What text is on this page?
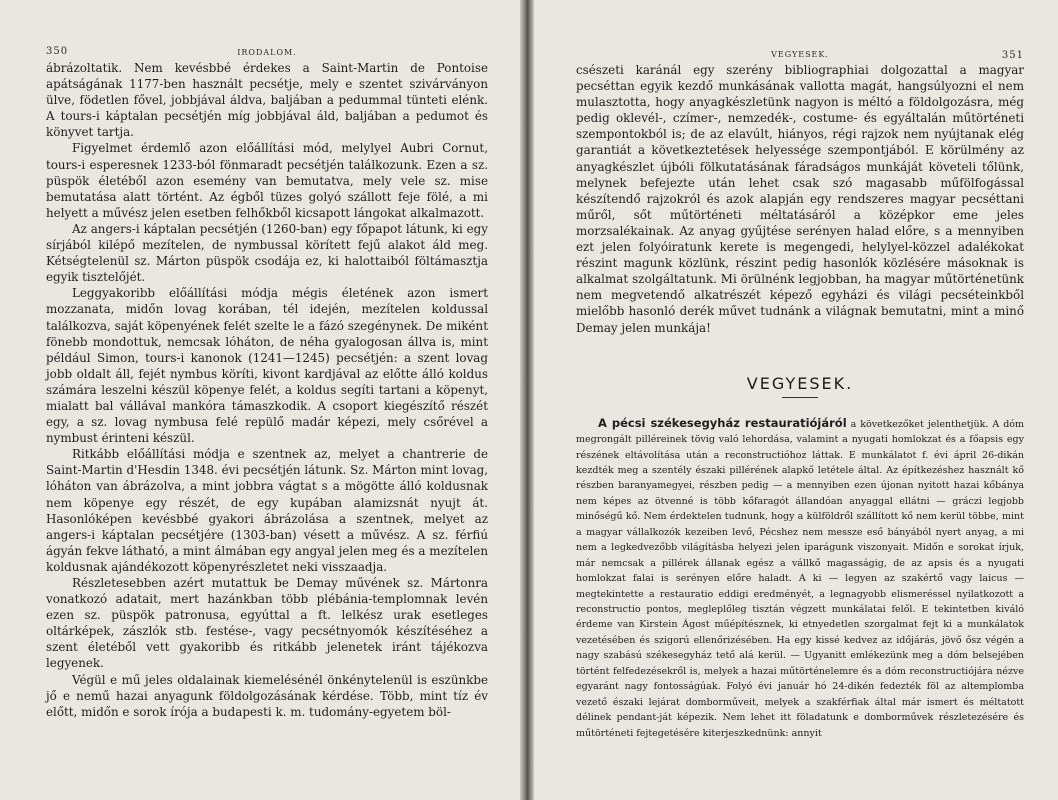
350	IRODALOM.

ábrázoltatik. Nem kevésbbé érdekes a Saint-Martin de Pontoise apátságának 1177-ben használt pecsétje, mely e szentet szivárványon ülve, födetlen fővel, jobbjával áldva, baljában a pedummal tünteti elénk. A tours-i káptalan pecsétjén míg jobbjával áld, baljában a pedumot és könyvet tartja.

Figyelmet érdemlő azon előállítási mód, melylyel Aubri Cornut, tours-i esperesnek 1233-ból fönmaradt pecsétjén találkozunk. Ezen a sz. püspök életéből azon esemény van bemutatva, mely vele sz. mise bemutatása alatt történt. Az égből tüzes golyó szállott feje fölé, a mi helyett a művész jelen esetben felhőkből kicsapott lángokat alkalmazott.

Az angers-i káptalan pecsétjén (1260-ban) egy főpapot látunk, ki egy sírjából kilépő mezítelen, de nymbussal körített fejű alakot áld meg. Kétségtelenül sz. Márton püspök csodája ez, ki halottaiból föltámasztja egyik tisztelőjét.

Leggyakoribb előállítási módja mégis életének azon ismert mozzanata, midőn lovag korában, tél idején, mezítelen koldussal találkozva, saját köpenyének felét szelte le a fázó szegénynek. De miként fönebb mondottuk, nemcsak lóháton, de néha gyalogosan állva is, mint például Simon, tours-i kanonok (1241—1245) pecsétjén: a szent lovag jobb oldalt áll, fejét nymbus köríti, kivont kardjával az előtte álló koldus számára leszelni készül köpenye felét, a koldus segíti tartani a köpenyt, mialatt bal vállával mankóra támaszkodik. A csoport kiegészítő részét egy, a sz. lovag nymbusa felé repülő madár képezi, mely csőrével a nymbust érinteni készül.

Ritkább előállítási módja e szentnek az, melyet a chantrerie de Saint-Martin d'Hesdin 1348. évi pecsétjén látunk. Sz. Márton mint lovag, lóháton van ábrázolva, a mint jobbra vágtat s a mögötte álló koldusnak nem köpenye egy részét, de egy kupában alamizsnát nyujt át. Hasonlóképen kevésbbé gyakori ábrázolása a szentnek, melyet az angers-i káptalan pecsétjére (1303-ban) vésett a művész. A sz. férfiú ágyán fekve látható, a mint álmában egy angyal jelen meg és a mezítelen koldusnak ajándékozott köpenyrészletet neki visszaadja.

Részletesebben azért mutattuk be Demay művének sz. Mártonra vonatkozó adatait, mert hazánkban több plébánia-templomnak levén ezen sz. püspök patronusa, egyúttal a ft. lelkész urak esetleges oltárképek, zászlók stb. festése-, vagy pecsétnyomók készítéséhez a szent életéből vett gyakoribb és ritkább jelenetek iránt tájékozva legyenek.

Végül e mű jeles oldalainak kiemelésénél önkénytelenül is eszünkbe jő e nemű hazai anyagunk földolgozásának kérdése. Több, mint tíz év előtt, midőn e sorok írója a budapesti k. m. tudomány-egyetem böl-

VEGYESEK.	351

csészeti karánál egy szerény bibliographiai dolgozattal a magyar pecséttan egyik kezdő munkásának vallotta magát, hangsúlyozni el nem mulasztotta, hogy anyagkészletünk nagyon is méltó a földolgozásra, még pedig oklevél-, czímer-, nemzedék-, costume- és egyáltalán műtörténeti szempontokból is; de az elavúlt, hiányos, régi rajzok nem nyújtanak elég garantiát a következtetések helyessége szempontjából. E körülmény az anyagkészlet újbóli fölkutatásának fáradságos munkáját követeli tőlünk, melynek befejezte után lehet csak szó magasabb műfölfogással készítendő rajzokról és azok alapján egy rendszeres magyar pecséttani műről, sőt műtörténeti méltatásáról a középkor eme jeles morzsalékainak. Az anyag gyűjtése serényen halad előre, s a mennyiben ezt jelen folyóiratunk kerete is megengedi, helylyel-közzel adalékokat részint magunk közlünk, részint pedig hasonlók közlésére másoknak is alkalmat szolgáltatunk. Mi örülnénk legjobban, ha magyar műtörténetünk nem megvetendő alkatrészét képező egyházi és világi pecséteinkből mielőbb hasonló derék művet tudnánk a világnak bemutatni, mint a minő Demay jelen munkája!

VEGYESEK.

A pécsi székesegyház restauratiójáról a következőket jelenthetjük. A dóm megrongált pilléreinek tövig való lehordása, valamint a nyugati homlokzat és a főapsis egy részének eltávolítása után a reconstructióhoz láttak. E munkálatot f. évi ápril 26-dikán kezdték meg a szentély északi pillérének alapkő letétele által. Az építkezéshez használt kő részben baranyamegyei, részben pedig — a mennyiben ezen újonan nyitott hazai kőbánya nem képes az ötvenné is több kőfaragót állandóan anyaggal ellátni — gráczi legjobb minőségű kő. Nem érdektelen tudnunk, hogy a külföldről szállított kő nem kerül többe, mint a magyar vállalkozók kezeiben levő, Pécshez nem messze eső bányából nyert anyag, a mi nem a legkedvezőbb világításba helyezi jelen iparágunk viszonyait. Midőn e sorokat írjuk, már nemcsak a pillérek állanak egész a vállkő magasságig, de az apsis és a nyugati homlokzat falai is serényen előre haladt. A ki — legyen az szakértő vagy laicus — megtekintette a restauratio eddigi eredményét, a legnagyobb elismeréssel nyilatkozott a reconstructio pontos, megleplőleg tisztán végzett munkálatai felől. E tekintetben kiváló érdeme van Kirstein Ágost műépítésznek, ki etnyedetlen szorgalmat fejt ki a munkálatok vezetésében és szigorú ellenőrizésében. Ha egy kissé kedvez az időjárás, jövő ősz végén a nagy szabású székesegyház tető alá kerül. — Ugyanitt emlékezünk meg a dóm belsejében történt felfedezésekről is, melyek a hazai műtörténelemre és a dóm reconstructiójára nézve egyaránt nagy fontosságúak. Folyó évi január hó 24-dikén fedezték föl az altemplomba vezető északi lejárat domborműveit, melyek a szakférfiak által már ismert és méltatott délinek pendant-ját képezik. Nem lehet itt föladatunk e domborművek részletezésére és műtörténeti fejtegetésére kiterjeszkednünk: annyit
